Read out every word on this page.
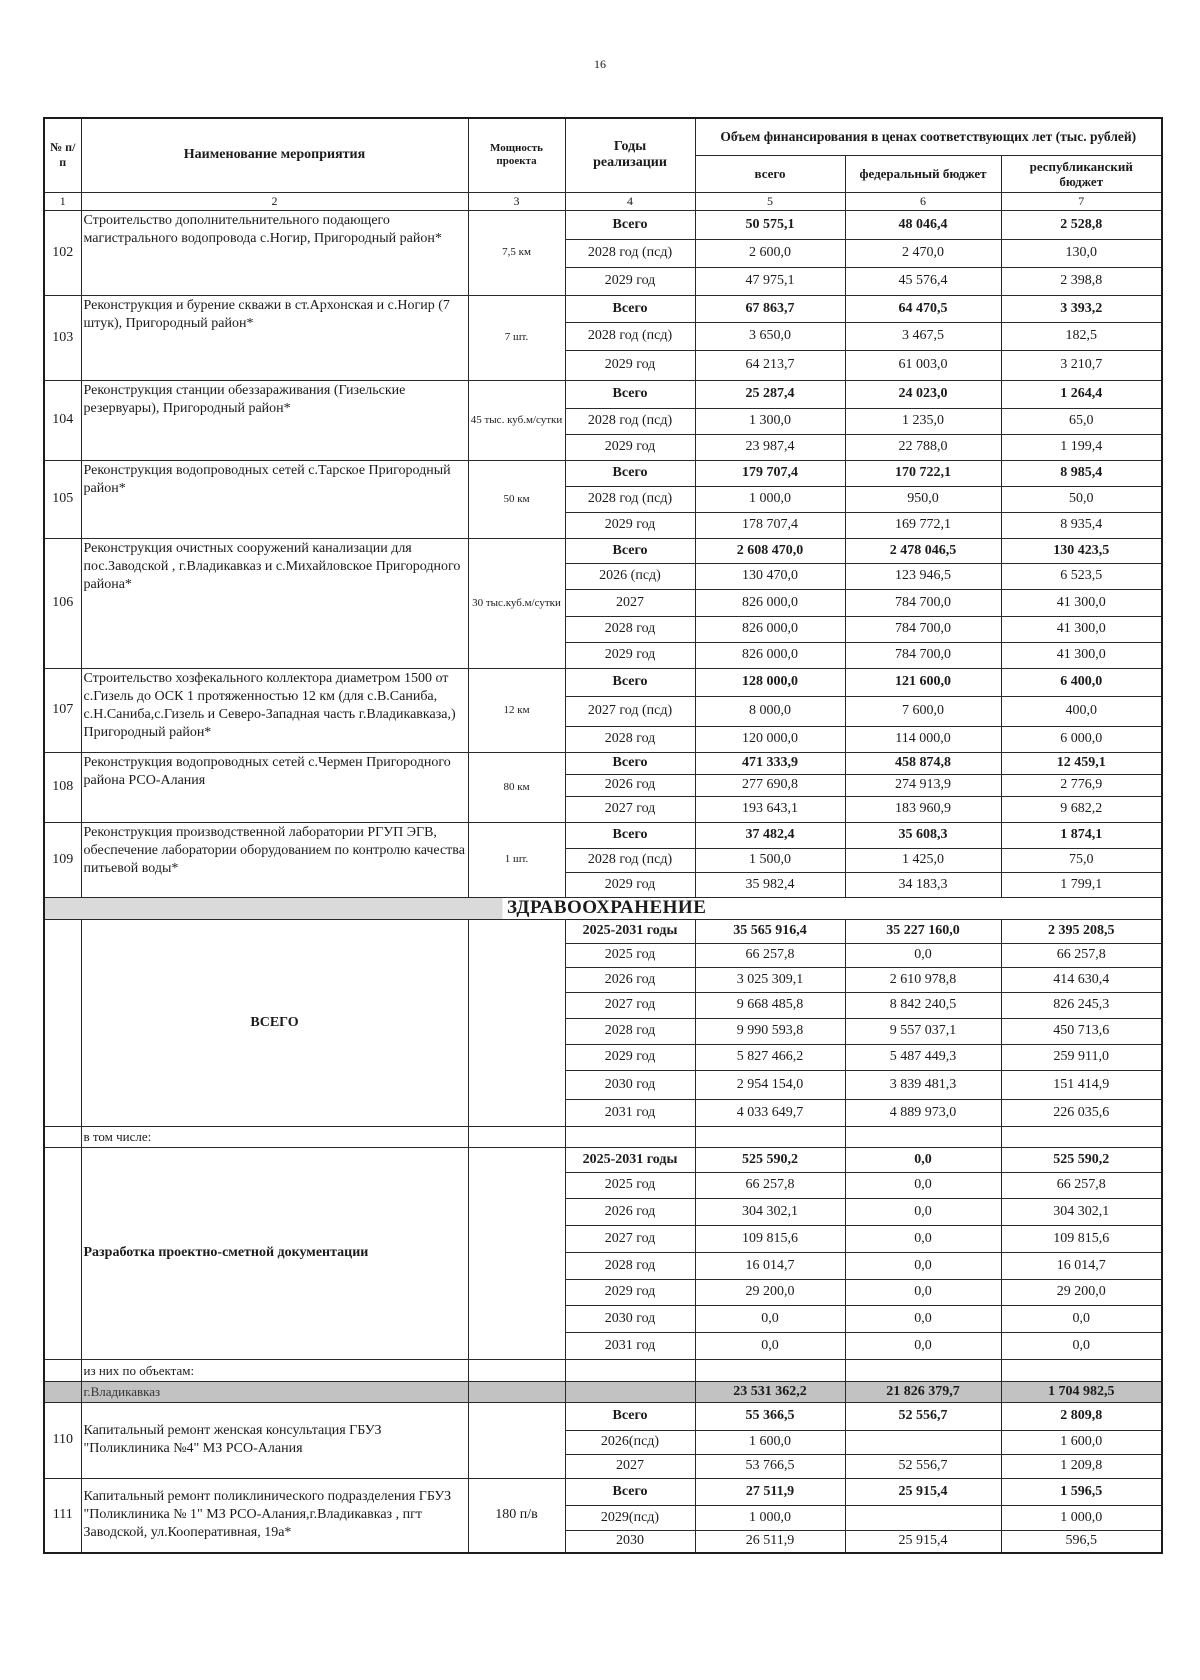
16
№ п/п	Наименование мероприятия	Мощность проекта	Годы реализации	Объем финансирования в ценах соответствующих лет (тыс. рублей)		
				всего	федеральный бюджет	республиканский бюджет
1	2	3	4	5	6	7
102	Строительство дополнительнительного подающего магистрального водопровода с.Ногир, Пригородный район*	7,5 км	Всего	50 575,1	48 046,4	2 528,8
			2028 год (псд)	2 600,0	2 470,0	130,0
			2029 год	47 975,1	45 576,4	2 398,8
103	Реконструкция и бурение скважи в ст.Архонская и с.Ногир (7 штук), Пригородный район*	7 шт.	Всего	67 863,7	64 470,5	3 393,2
			2028 год (псд)	3 650,0	3 467,5	182,5
			2029 год	64 213,7	61 003,0	3 210,7
104	Реконструкция станции обеззараживания (Гизельские резервуары), Пригородный район*	45 тыс. куб.м/сутки	Всего	25 287,4	24 023,0	1 264,4
			2028 год (псд)	1 300,0	1 235,0	65,0
			2029 год	23 987,4	22 788,0	1 199,4
105	Реконструкция водопроводных сетей с.Тарское Пригородный район*	50 км	Всего	179 707,4	170 722,1	8 985,4
			2028 год (псд)	1 000,0	950,0	50,0
			2029 год	178 707,4	169 772,1	8 935,4
106	Реконструкция очистных сооружений канализации для пос.Заводской , г.Владикавказ и с.Михайловское Пригородного района*	30 тыс.куб.м/сутки	Всего	2 608 470,0	2 478 046,5	130 423,5
			2026 (псд)	130 470,0	123 946,5	6 523,5
			2027	826 000,0	784 700,0	41 300,0
			2028 год	826 000,0	784 700,0	41 300,0
			2029 год	826 000,0	784 700,0	41 300,0
107	Строительство хозфекального коллектора диаметром 1500 от с.Гизель до ОСК 1 протяженностью 12 км (для с.В.Саниба, с.Н.Саниба,с.Гизель и Северо-Западная часть г.Владикавказа,) Пригородный район*	12 км	Всего	128 000,0	121 600,0	6 400,0
			2027 год (псд)	8 000,0	7 600,0	400,0
			2028 год	120 000,0	114 000,0	6 000,0
108	Реконструкция водопроводных сетей с.Чермен Пригородного района РСО-Алания	80 км	Всего	471 333,9	458 874,8	12 459,1
			2026 год	277 690,8	274 913,9	2 776,9
			2027 год	193 643,1	183 960,9	9 682,2
109	Реконструкция производственной лаборатории РГУП ЭГВ, обеспечение лаборатории оборудованием по контролю качества питьевой воды*	1 шт.	Всего	37 482,4	35 608,3	1 874,1
			2028 год (псд)	1 500,0	1 425,0	75,0
			2029 год	35 982,4	34 183,3	1 799,1
ЗДРАВООХРАНЕНИЕ						
	ВСЕГО		2025-2031 годы	35 565 916,4	35 227 160,0	2 395 208,5
			2025 год	66 257,8	0,0	66 257,8
			2026 год	3 025 309,1	2 610 978,8	414 630,4
			2027 год	9 668 485,8	8 842 240,5	826 245,3
			2028 год	9 990 593,8	9 557 037,1	450 713,6
			2029 год	5 827 466,2	5 487 449,3	259 911,0
			2030 год	2 954 154,0	3 839 481,3	151 414,9
			2031 год	4 033 649,7	4 889 973,0	226 035,6
	в том числе:					
	Разработка проектно-сметной документации		2025-2031 годы	525 590,2	0,0	525 590,2
			2025 год	66 257,8	0,0	66 257,8
			2026 год	304 302,1	0,0	304 302,1
			2027 год	109 815,6	0,0	109 815,6
			2028 год	16 014,7	0,0	16 014,7
			2029 год	29 200,0	0,0	29 200,0
			2030 год	0,0	0,0	0,0
			2031 год	0,0	0,0	0,0
	из них по объектам:					
	г.Владикавказ			23 531 362,2	21 826 379,7	1 704 982,5
110	Капитальный ремонт женская консультация ГБУЗ "Поликлиника №4" МЗ РСО-Алания		Всего	55 366,5	52 556,7	2 809,8
			2026(псд)	1 600,0		1 600,0
			2027	53 766,5	52 556,7	1 209,8
111	Капитальный ремонт поликлинического подразделения ГБУЗ "Поликлиника № 1" МЗ РСО-Алания,г.Владикавказ , пгт Заводской, ул.Кооперативная, 19а*	180 п/в	Всего	27 511,9	25 915,4	1 596,5
			2029(псд)	1 000,0		1 000,0
			2030	26 511,9	25 915,4	596,5
